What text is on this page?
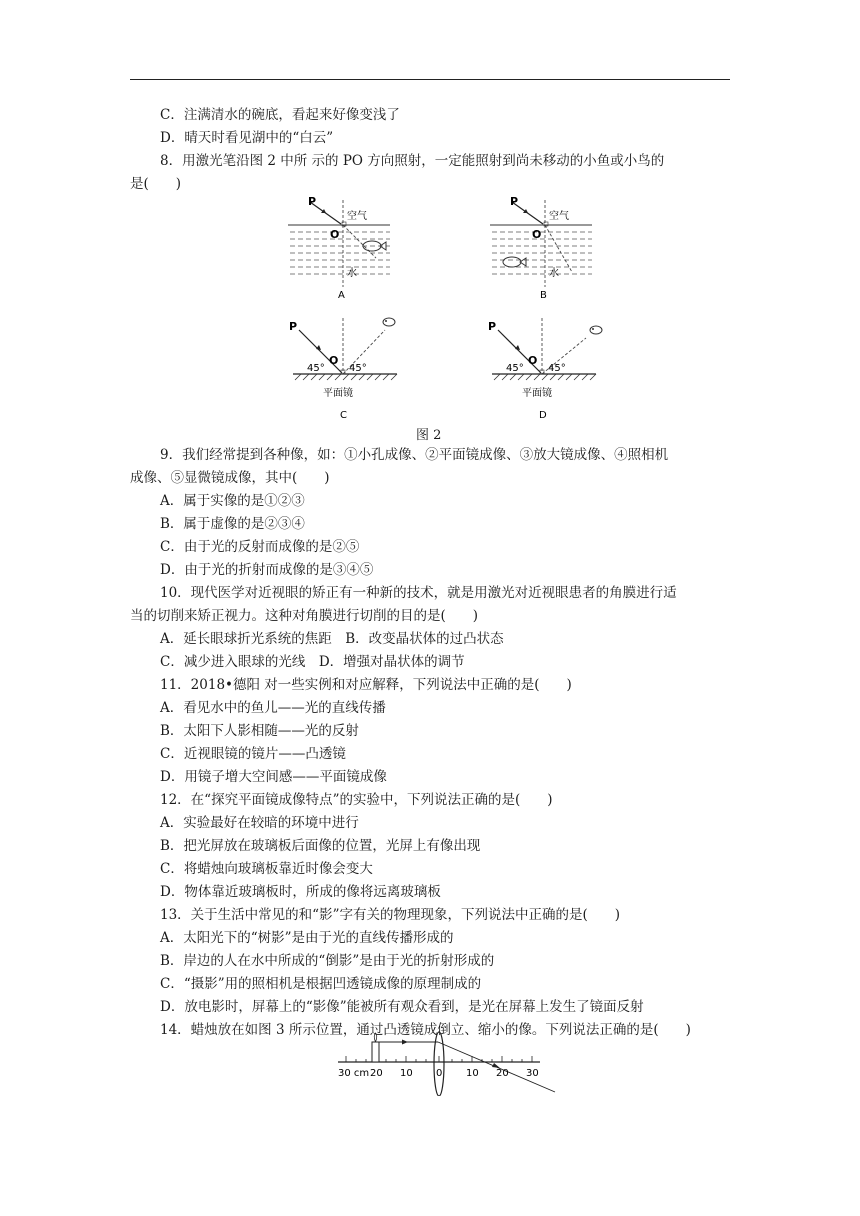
C．注满清水的碗底，看起来好像变浅了
D．晴天时看见湖中的“白云”
8．用激光笔沿图 2 中所 示的 PO 方向照射，一定能照射到尚未移动的小鱼或小鸟的
是(　　)
P
O
空气
水
A
P
O
空气
水
B
P
O
45° 45°
平面镜
C
P
O
45° 45°
平面镜
D
图 2
9．我们经常提到各种像，如：①小孔成像、②平面镜成像、③放大镜成像、④照相机
成像、⑤显微镜成像，其中(　　)
A．属于实像的是①②③
B．属于虚像的是②③④
C．由于光的反射而成像的是②⑤
D．由于光的折射而成像的是③④⑤
10．现代医学对近视眼的矫正有一种新的技术，就是用激光对近视眼患者的角膜进行适
当的切削来矫正视力。这种对角膜进行切削的目的是(　　)
A．延长眼球折光系统的焦距　B．改变晶状体的过凸状态
C．减少进入眼球的光线　D．增强对晶状体的调节
11．2018•德阳 对一些实例和对应解释，下列说法中正确的是(　　)
A．看见水中的鱼儿——光的直线传播
B．太阳下人影相随——光的反射
C．近视眼镜的镜片——凸透镜
D．用镜子增大空间感——平面镜成像
12．在“探究平面镜成像特点”的实验中，下列说法正确的是(　　)
A．实验最好在较暗的环境中进行
B．把光屏放在玻璃板后面像的位置，光屏上有像出现
C．将蜡烛向玻璃板靠近时像会变大
D．物体靠近玻璃板时，所成的像将远离玻璃板
13．关于生活中常见的和“影”字有关的物理现象，下列说法中正确的是(　　)
A．太阳光下的“树影”是由于光的直线传播形成的
B．岸边的人在水中所成的“倒影”是由于光的折射形成的
C．“摄影”用的照相机是根据凹透镜成像的原理制成的
D．放电影时，屏幕上的“影像”能被所有观众看到，是光在屏幕上发生了镜面反射
14．蜡烛放在如图 3 所示位置，通过凸透镜成倒立、缩小的像。下列说法正确的是(　　)
30 cm 20 10 0 10 20 30
